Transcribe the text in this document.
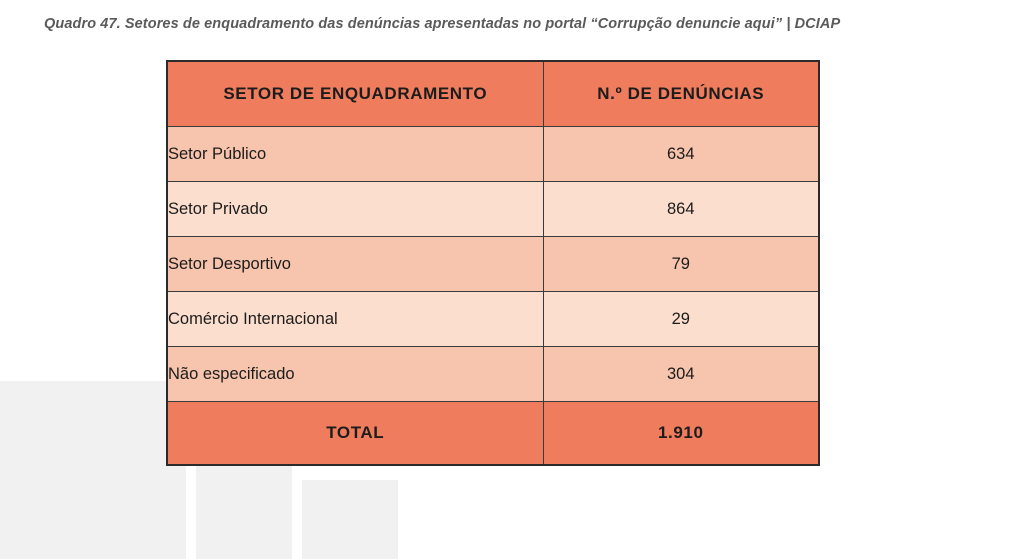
Quadro 47. Setores de enquadramento das denúncias apresentadas no portal “Corrupção denuncie aqui” | DCIAP
SETOR DE ENQUADRAMENTO	N.º DE DENÚNCIAS
Setor Público	634
Setor Privado	864
Setor Desportivo	79
Comércio Internacional	29
Não especificado	304
TOTAL	1.910
